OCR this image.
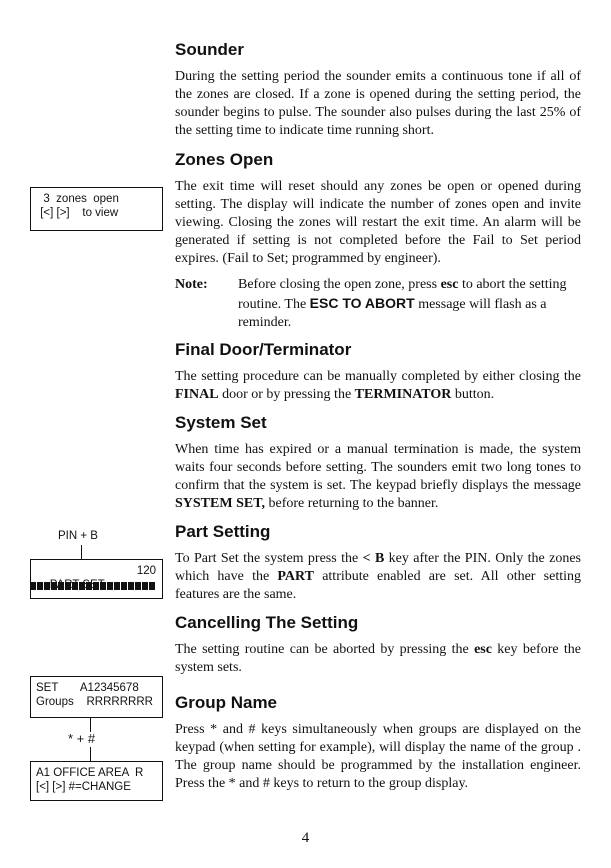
Sounder

During the setting period the sounder emits a continuous tone if all of the zones are closed. If a zone is opened during the setting period, the sounder begins to pulse. The sounder also pulses during the last 25% of the setting time to indicate time running short.

Zones Open

The exit time will reset should any zones be open or opened during setting. The display will indicate the number of zones open and invite viewing. Closing the zones will restart the exit time. An alarm will be generated if setting is not completed before the Fail to Set period expires. (Fail to Set; programmed by engineer).

3  zones  open
[<] [>]    to view
Note: Before closing the open zone, press esc to abort the setting routine. The ESC TO ABORT message will flash as a reminder.
Final Door/Terminator

The setting procedure can be manually completed by either closing the FINAL door or by pressing the TERMINATOR button.

System Set

When time has expired or a manual termination is made, the system waits four seconds before setting. The sounders emit two long tones to confirm that the system is set. The keypad briefly displays the message SYSTEM SET, before returning to the banner.

PIN + B

120

Part Setting

To Part Set the system press the < B key after the PIN. Only the zones which have the PART attribute enabled are set. All other setting features are the same.

Cancelling The Setting

The setting routine can be aborted by pressing the esc key before the system sets.

SET       A12345678
Groups    RRRRRRRR
* + #
A1 OFFICE AREA  R
[<] [>] #=CHANGE
Group Name

Press * and # keys simultaneously when groups are displayed on the keypad (when setting for example), will display the name of the group . The group name should be programmed by the installation engineer. Press the * and # keys to return to the group display.

4
